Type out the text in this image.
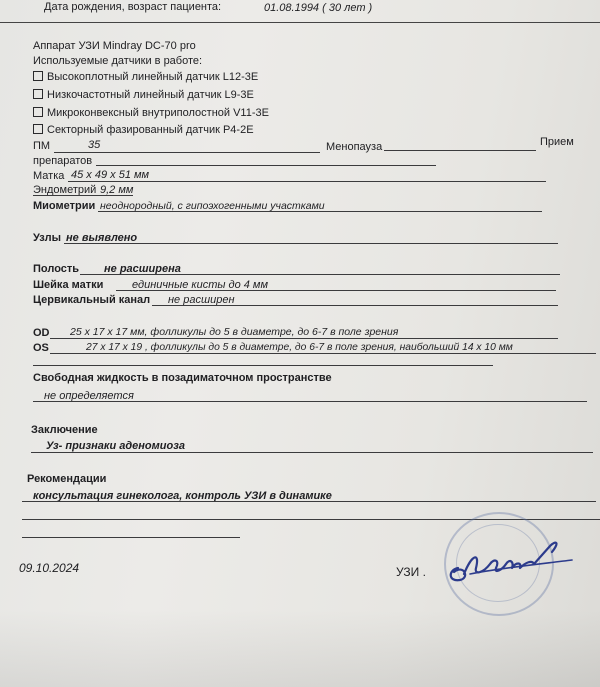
Дата рождения, возраст пациента:	01.08.1994 ( 30 лет )
Аппарат УЗИ Mindray DC-70 pro
Используемые датчики в работе:
Высокоплотный линейный датчик L12-3E
Низкочастотный линейный датчик L9-3E
Микроконвексный внутриполостной V11-3E
Секторный фазированный датчик P4-2E
ПМ	35	Менопауза	Прием
препаратов
Матка 45 x 49 x 51 мм
Эндометрий 9,2 мм
Миометрии неоднородный, с гипоэхогенными участками
Узлы не выявлено
Полость не расширена
Шейка матки	единичные кисты до 4 мм
Цервикальный канал не расширен
OD 25 x 17 x 17 мм, фолликулы до 5 в диаметре, до 6-7 в поле зрения
OS	27 x 17 x 19 , фолликулы до 5 в диаметре, до 6-7 в поле зрения, наибольший 14 x 10 мм
Свободная жидкость в позадиматочном пространстве
не определяется
Заключение
Уз- признаки аденомиоза
Рекомендации
консультация гинеколога, контроль УЗИ в динамике
09.10.2024	УЗИ .
